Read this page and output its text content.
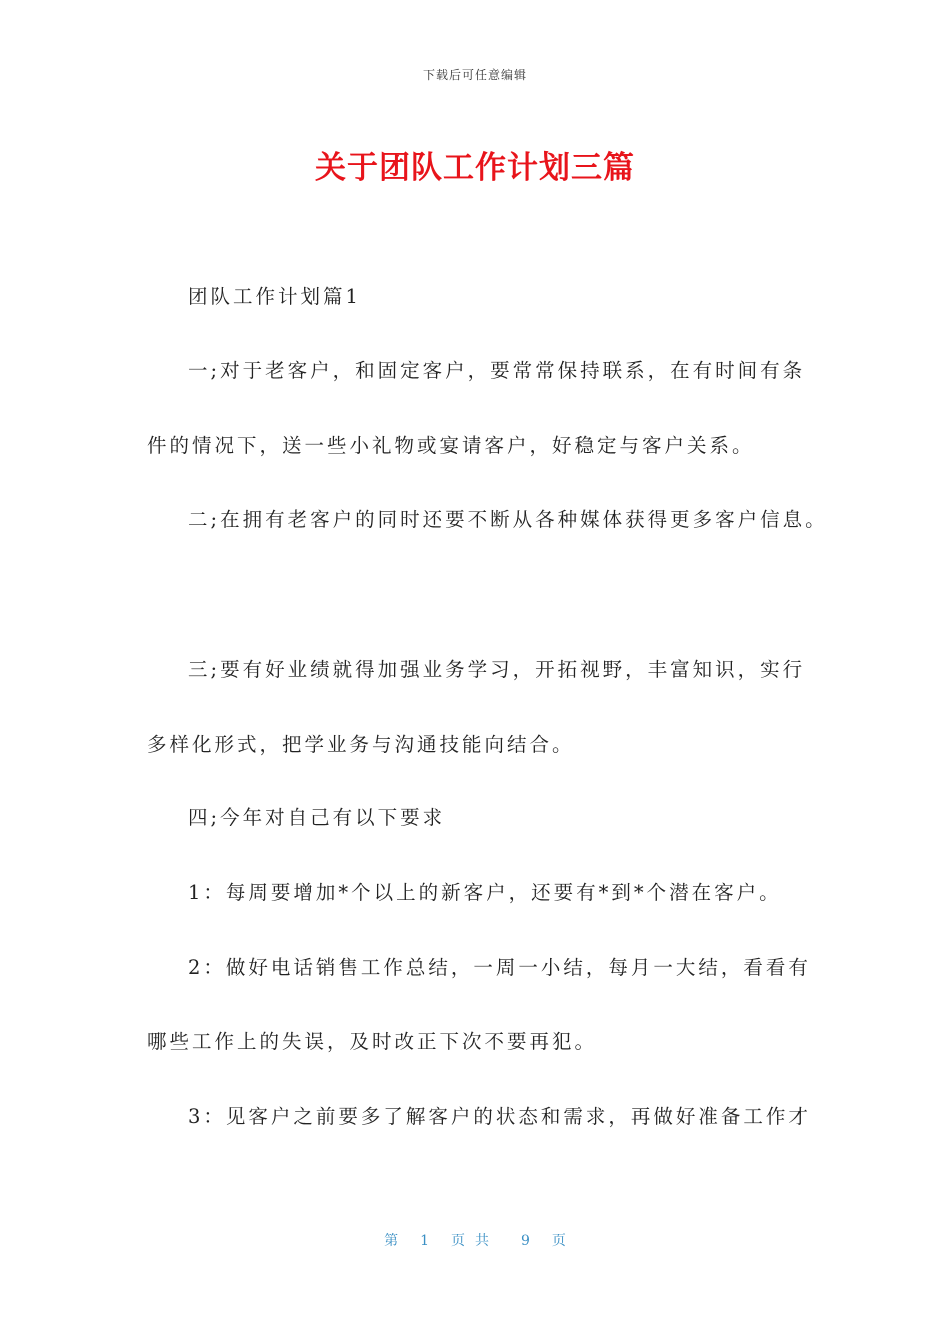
下载后可任意编辑
关于团队工作计划三篇
团队工作计划篇1
一;对于老客户，和固定客户，要常常保持联系，在有时间有条
件的情况下，送一些小礼物或宴请客户，好稳定与客户关系。
二;在拥有老客户的同时还要不断从各种媒体获得更多客户信息。
三;要有好业绩就得加强业务学习，开拓视野，丰富知识，实行
多样化形式，把学业务与沟通技能向结合。
四;今年对自己有以下要求
1：每周要增加*个以上的新客户，还要有*到*个潜在客户。
2：做好电话销售工作总结，一周一小结，每月一大结，看看有
哪些工作上的失误，及时改正下次不要再犯。
3：见客户之前要多了解客户的状态和需求，再做好准备工作才
第 1 页共 9 页
